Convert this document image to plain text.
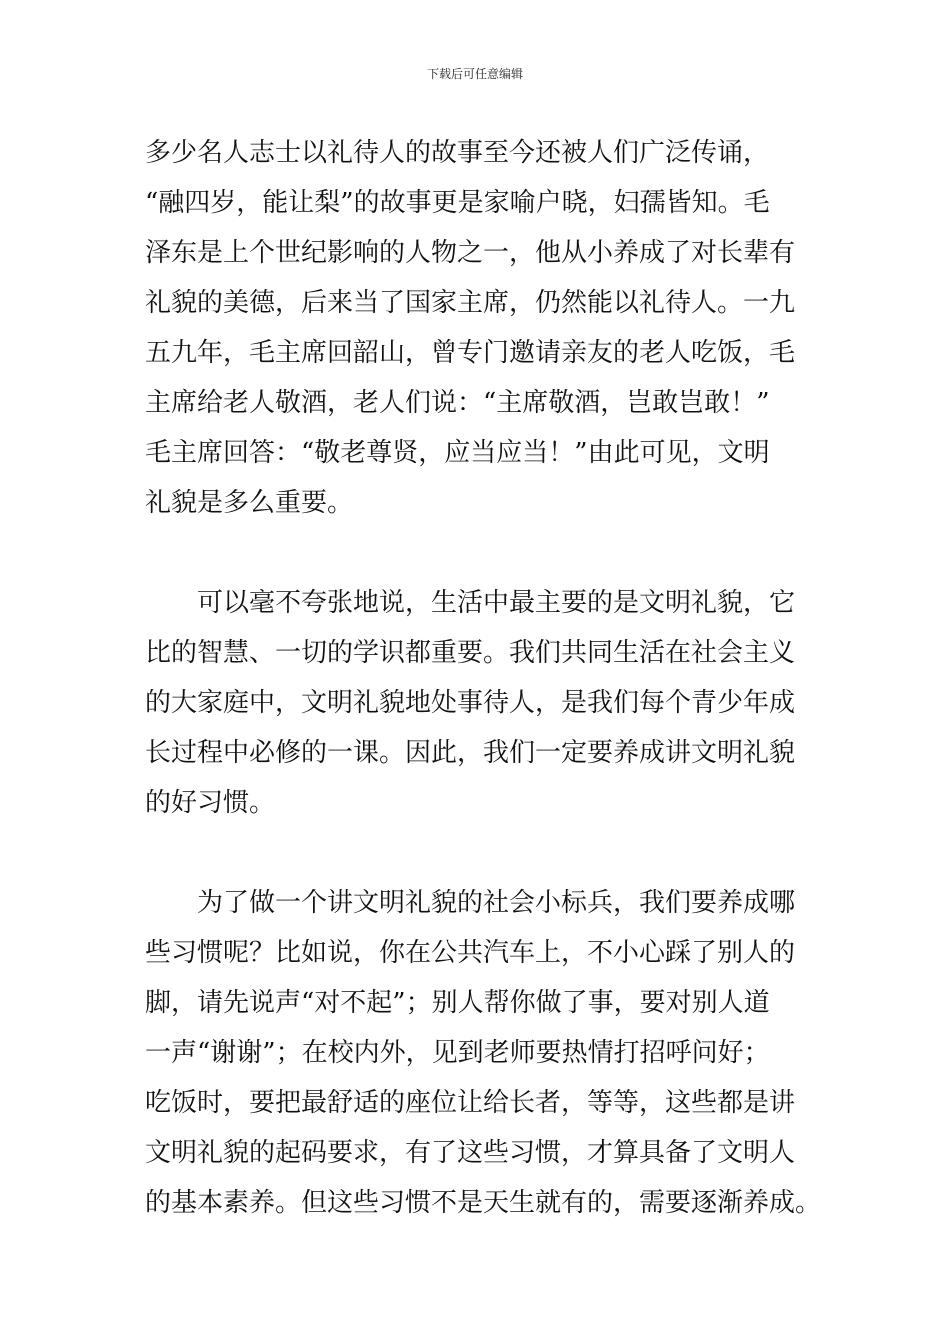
下载后可任意编辑
多少名人志士以礼待人的故事至今还被人们广泛传诵，
“融四岁，能让梨”的故事更是家喻户晓，妇孺皆知。毛
泽东是上个世纪影响的人物之一，他从小养成了对长辈有
礼貌的美德，后来当了国家主席，仍然能以礼待人。一九
五九年，毛主席回韶山，曾专门邀请亲友的老人吃饭，毛
主席给老人敬酒，老人们说：“主席敬酒，岂敢岂敢！”
毛主席回答：“敬老尊贤，应当应当！”由此可见，文明
礼貌是多么重要。
可以毫不夸张地说，生活中最主要的是文明礼貌，它
比的智慧、一切的学识都重要。我们共同生活在社会主义
的大家庭中，文明礼貌地处事待人，是我们每个青少年成
长过程中必修的一课。因此，我们一定要养成讲文明礼貌
的好习惯。
为了做一个讲文明礼貌的社会小标兵，我们要养成哪
些习惯呢？比如说，你在公共汽车上，不小心踩了别人的
脚，请先说声“对不起”；别人帮你做了事，要对别人道
一声“谢谢”；在校内外，见到老师要热情打招呼问好；
吃饭时，要把最舒适的座位让给长者，等等，这些都是讲
文明礼貌的起码要求，有了这些习惯，才算具备了文明人
的基本素养。但这些习惯不是天生就有的，需要逐渐养成。
